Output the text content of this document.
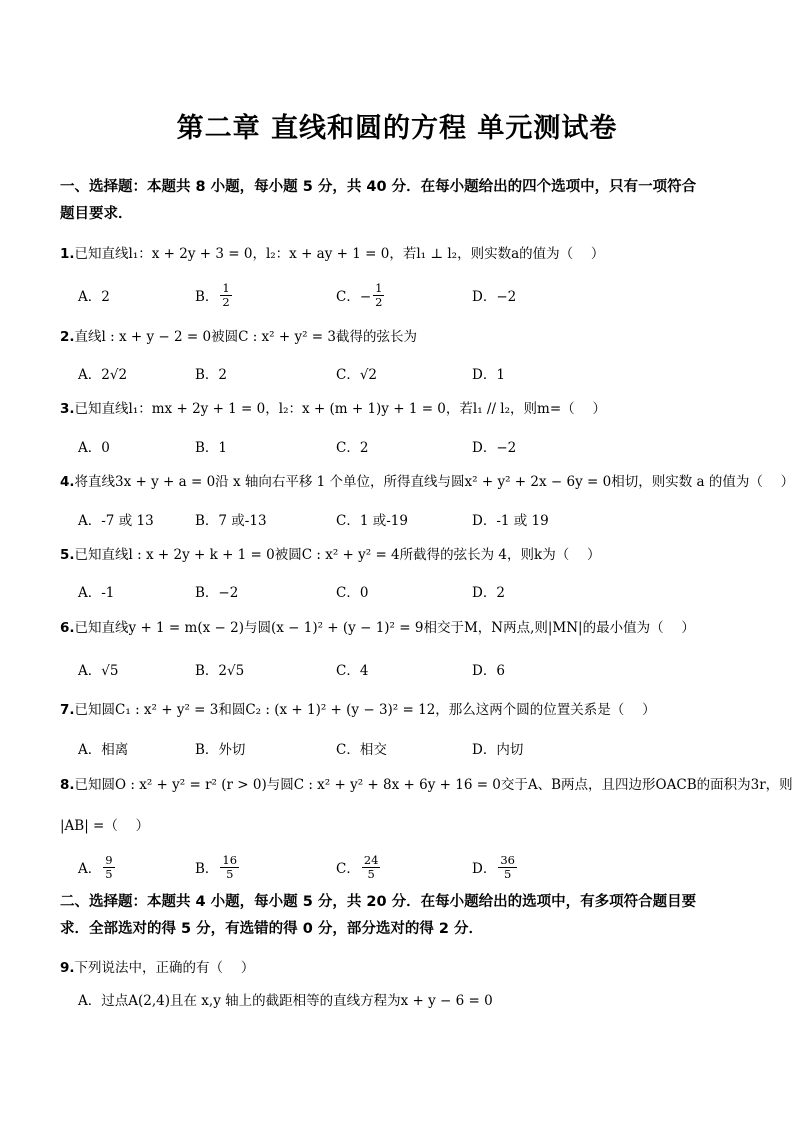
第二章 直线和圆的方程 单元测试卷
一、选择题：本题共 8 小题，每小题 5 分，共 40 分．在每小题给出的四个选项中，只有一项符合
题目要求．
1.已知直线l₁：x + 2y + 3 = 0，l₂：x + ay + 1 = 0，若l₁ ⊥ l₂，则实数a的值为（　 ）
A．2	B． $\frac{1}{2}$	C．− $\frac{1}{2}$	D．−2
2.直线l : x + y − 2 = 0被圆C : x² + y² = 3截得的弦长为
A．2√2	B．2	C．√2	D．1
3.已知直线l₁：mx + 2y + 1 = 0，l₂：x + (m + 1)y + 1 = 0，若l₁ // l₂，则m=（　 ）
A．0	B．1	C．2	D．−2
4.将直线3x + y + a = 0沿 x 轴向右平移 1 个单位，所得直线与圆x² + y² + 2x − 6y = 0相切，则实数 a 的值为（　 ）
A．-7 或 13	B．7 或-13	C．1 或-19	D．-1 或 19
5.已知直线l : x + 2y + k + 1 = 0被圆C : x² + y² = 4所截得的弦长为 4，则k为（　 ）
A．-1	B．−2	C．0	D．2
6.已知直线y + 1 = m(x − 2)与圆(x − 1)² + (y − 1)² = 9相交于M，N两点,则|MN|的最小值为（　 ）
A．√5	B．2√5	C．4	D．6
7.已知圆C₁ : x² + y² = 3和圆C₂ : (x + 1)² + (y − 3)² = 12，那么这两个圆的位置关系是（　 ）
A．相离	B．外切	C．相交	D．内切
8.已知圆O : x² + y² = r² (r > 0)与圆C : x² + y² + 8x + 6y + 16 = 0交于A、B两点，且四边形OACB的面积为3r，则
|AB| =（　 ）
A． $\frac{9}{5}$	B． $\frac{16}{5}$	C． $\frac{24}{5}$	D． $\frac{36}{5}$
二、选择题：本题共 4 小题，每小题 5 分，共 20 分．在每小题给出的选项中，有多项符合题目要
求．全部选对的得 5 分，有选错的得 0 分，部分选对的得 2 分．
9.下列说法中，正确的有（　 ）
A．过点A(2,4)且在 x,y 轴上的截距相等的直线方程为x + y − 6 = 0
